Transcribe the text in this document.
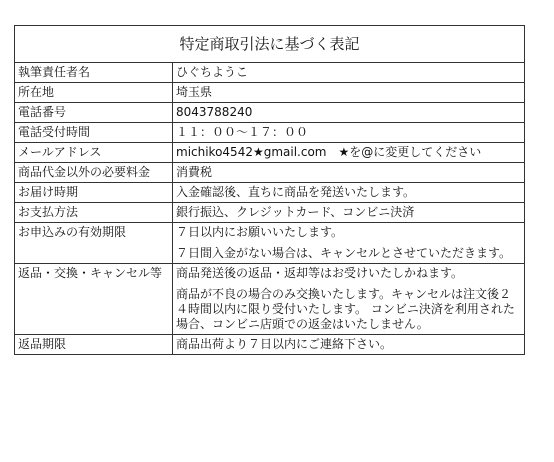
特定商取引法に基づく表記	
執筆責任者名	ひぐちようこ

所在地	埼玉県

電話番号	8043788240

電話受付時間	１１：００～１７：００

メールアドレス	michiko4542★gmail.com　★を@に変更してください

商品代金以外の必要料金	消費税

お届け時期	入金確認後、直ちに商品を発送いたします。

お支払方法	銀行振込、クレジットカード、コンビニ決済

お申込みの有効期限	７日以内にお願いいたします。
７日間入金がない場合は、キャンセルとさせていただきます。

返品・交換・キャンセル等	商品発送後の返品・返却等はお受けいたしかねます。
商品が不良の場合のみ交換いたします。キャンセルは注文後２４時間以内に限り受付いたします。 コンビニ決済を利用された場合、コンビニ店頭での返金はいたしません。

返品期限	商品出荷より７日以内にご連絡下さい。
